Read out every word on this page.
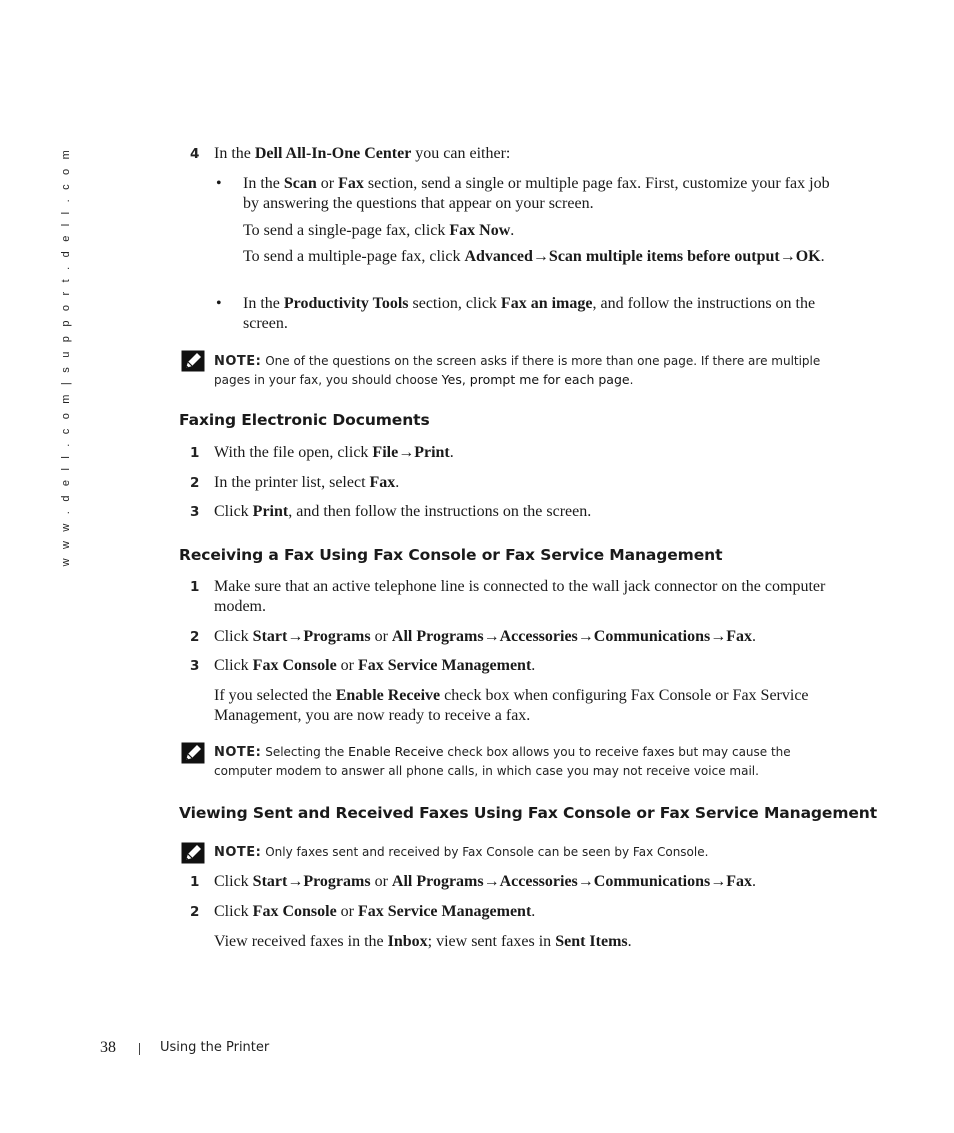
w w w . d e l l . c o m | s u p p o r t . d e l l . c o m	4 In the Dell All-In-One Center you can either:
• In the Scan or Fax section, send a single or multiple page fax. First, customize your fax job by answering the questions that appear on your screen.
To send a single-page fax, click Fax Now.
To send a multiple-page fax, click Advanced→Scan multiple items before output→OK.
• In the Productivity Tools section, click Fax an image, and follow the instructions on the screen.
NOTE: One of the questions on the screen asks if there is more than one page. If there are multiple pages in your fax, you should choose Yes, prompt me for each page.
Faxing Electronic Documents
1 With the file open, click File→Print.
2 In the printer list, select Fax.
3 Click Print, and then follow the instructions on the screen.
Receiving a Fax Using Fax Console or Fax Service Management
1 Make sure that an active telephone line is connected to the wall jack connector on the computer modem.
2 Click Start→Programs or All Programs→Accessories→Communications→Fax.
3 Click Fax Console or Fax Service Management.
If you selected the Enable Receive check box when configuring Fax Console or Fax Service Management, you are now ready to receive a fax.
NOTE: Selecting the Enable Receive check box allows you to receive faxes but may cause the computer modem to answer all phone calls, in which case you may not receive voice mail.
Viewing Sent and Received Faxes Using Fax Console or Fax Service Management
NOTE: Only faxes sent and received by Fax Console can be seen by Fax Console.
1 Click Start→Programs or All Programs→Accessories→Communications→Fax.
2 Click Fax Console or Fax Service Management.
View received faxes in the Inbox; view sent faxes in Sent Items.
38	Using the Printer
